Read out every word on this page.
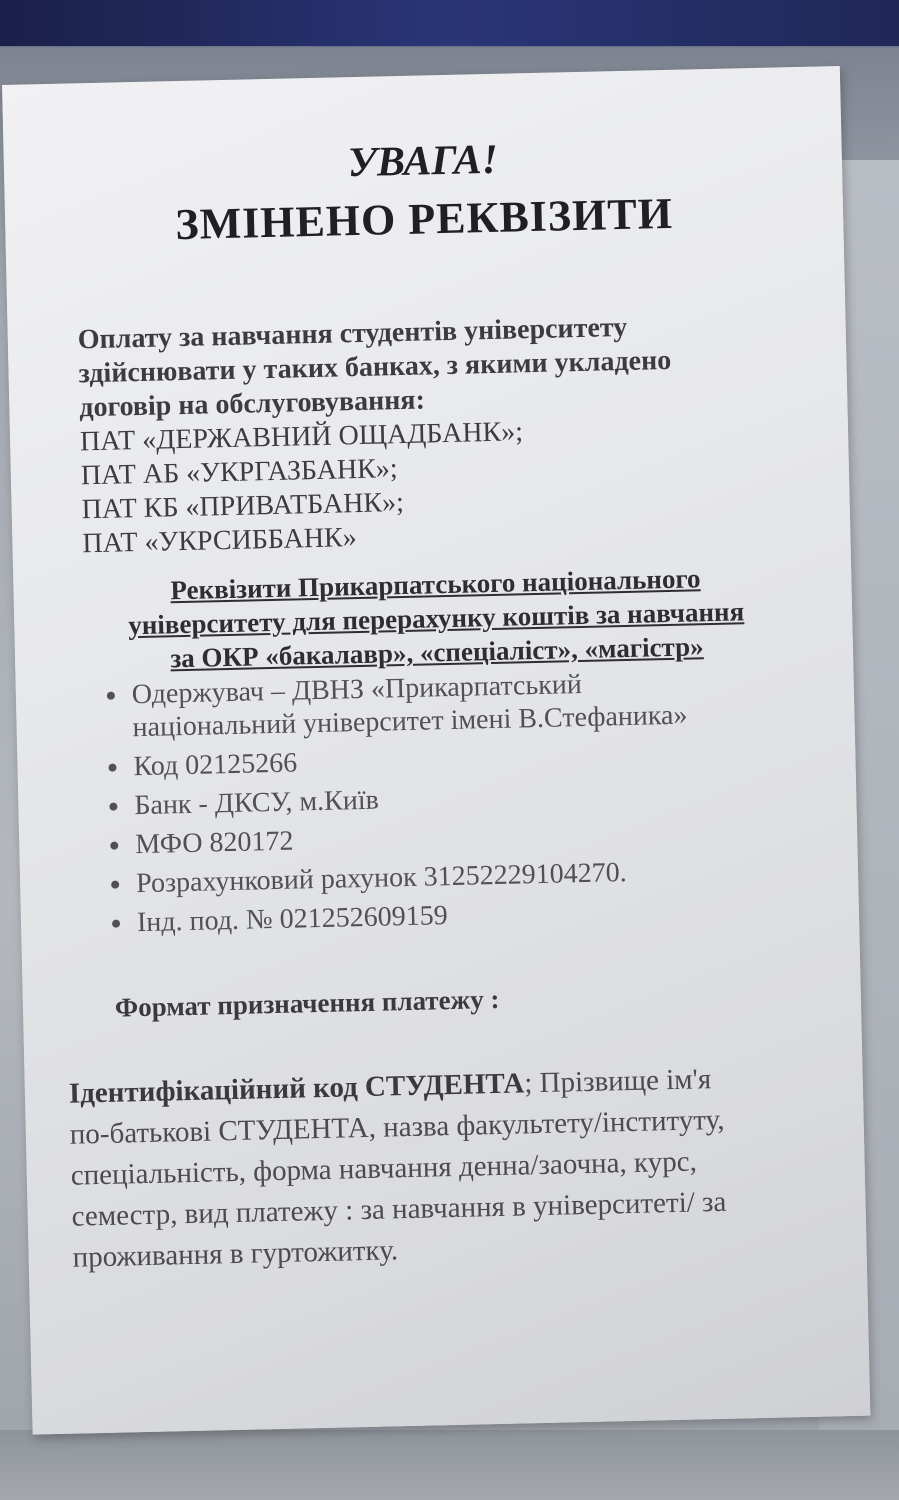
УВАГА!
ЗМІНЕНО РЕКВІЗИТИ
Оплату за навчання студентів університету
здійснювати у таких банках, з якими укладено
договір на обслуговування:
ПАТ «ДЕРЖАВНИЙ ОЩАДБАНК»;
ПАТ АБ «УКРГАЗБАНК»;
ПАТ КБ «ПРИВАТБАНК»;
ПАТ «УКРСИББАНК»
Реквізити Прикарпатського національного
університету для перерахунку коштів за навчання
за ОКР «бакалавр», «спеціаліст», «магістр»
• Одержувач – ДВНЗ «Прикарпатський
національний університет імені В.Стефаника»
• Код 02125266
• Банк - ДКСУ, м.Київ
• МФО 820172
• Розрахунковий рахунок 31252229104270.
• Інд. под. № 021252609159
Формат призначення платежу :
Ідентифікаційний код СТУДЕНТА; Прізвище ім'я
по-батькові СТУДЕНТА, назва факультету/інституту,
спеціальність, форма навчання денна/заочна, курс,
семестр, вид платежу : за навчання в університеті/ за
проживання в гуртожитку.
